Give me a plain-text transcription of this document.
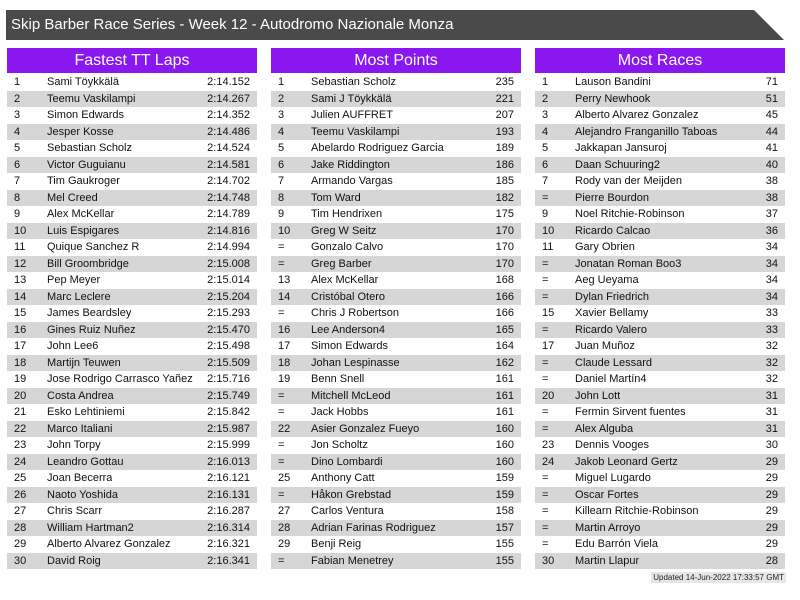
Skip Barber Race Series - Week 12 - Autodromo Nazionale Monza
Fastest TT Laps
1 Sami Töykkälä	2:14.152
2 Teemu Vaskilampi	2:14.267
3 Simon Edwards	2:14.352
4 Jesper Kosse	2:14.486
5 Sebastian Scholz	2:14.524
6 Victor Guguianu	2:14.581
7 Tim Gaukroger	2:14.702
8 Mel Creed	2:14.748
9 Alex McKellar	2:14.789
10 Luis Espigares	2:14.816
11 Quique Sanchez R	2:14.994
12 Bill Groombridge	2:15.008
13 Pep Meyer	2:15.014
14 Marc Leclere	2:15.204
15 James Beardsley	2:15.293
16 Gines Ruiz Nuñez	2:15.470
17 John Lee6	2:15.498
18 Martijn Teuwen	2:15.509
19 Jose Rodrigo Carrasco Yañez 2:15.716
20 Costa Andrea	2:15.749
21 Esko Lehtiniemi	2:15.842
22 Marco Italiani	2:15.987
23 John Torpy	2:15.999
24 Leandro Gottau	2:16.013
25 Joan Becerra	2:16.121
26 Naoto Yoshida	2:16.131
27 Chris Scarr	2:16.287
28 William Hartman2	2:16.314
29 Alberto Alvarez Gonzalez	2:16.321
30 David Roig	2:16.341
Most Points
1 Sebastian Scholz	235
2 Sami J Töykkälä	221
3 Julien AUFFRET	207
4 Teemu Vaskilampi	193
5 Abelardo Rodriguez Garcia	189
6 Jake Riddington	186
7 Armando Vargas	185
8 Tom Ward	182
9 Tim Hendrixen	175
10 Greg W Seitz	170
= Gonzalo Calvo	170
= Greg Barber	170
13 Alex McKellar	168
14 Cristóbal Otero	166
= Chris J Robertson	166
16 Lee Anderson4	165
17 Simon Edwards	164
18 Johan Lespinasse	162
19 Benn Snell	161
= Mitchell McLeod	161
= Jack Hobbs	161
22 Asier Gonzalez Fueyo	160
= Jon Scholtz	160
= Dino Lombardi	160
25 Anthony Catt	159
= Håkon Grebstad	159
27 Carlos Ventura	158
28 Adrian Farinas Rodriguez	157
29 Benji Reig	155
= Fabian Menetrey	155
Most Races
1 Lauson Bandini	71
2 Perry Newhook	51
3 Alberto Alvarez Gonzalez	45
4 Alejandro Franganillo Taboas	44
5 Jakkapan Jansuroj	41
6 Daan Schuuring2	40
7 Rody van der Meijden	38
= Pierre Bourdon	38
9 Noel Ritchie-Robinson	37
10 Ricardo Calcao	36
11 Gary Obrien	34
= Jonatan Roman Boo3	34
= Aeg Ueyama	34
= Dylan Friedrich	34
15 Xavier Bellamy	33
= Ricardo Valero	33
17 Juan Muñoz	32
= Claude Lessard	32
= Daniel Martín4	32
20 John Lott	31
= Fermin Sirvent fuentes	31
= Alex Alguba	31
23 Dennis Vooges	30
24 Jakob Leonard Gertz	29
= Miguel Lugardo	29
= Oscar Fortes	29
= Killearn Ritchie-Robinson	29
= Martin Arroyo	29
= Edu Barrón Viela	29
30 Martin Llapur	28
Updated 14-Jun-2022 17:33:57 GMT
